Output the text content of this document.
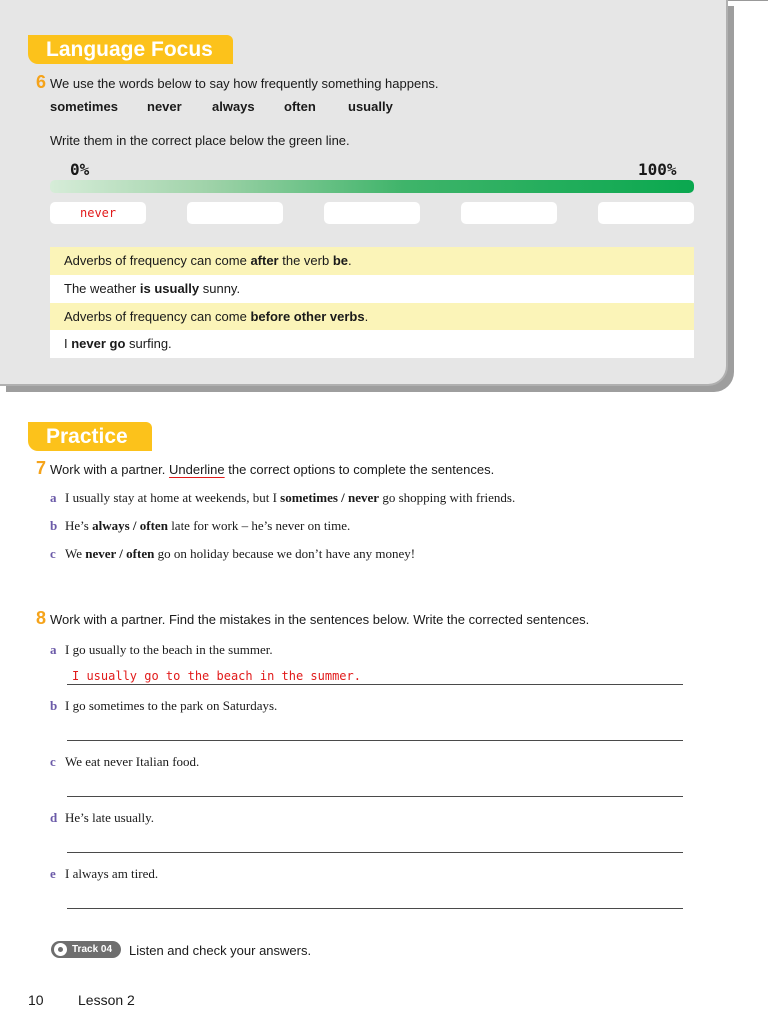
Language Focus
6 We use the words below to say how frequently something happens.
sometimes never always often usually
Write them in the correct place below the green line.
0%	100%
never
Adverbs of frequency can come after the verb be.
The weather is usually sunny.
Adverbs of frequency can come before other verbs.
I never go surfing.
Practice
7 Work with a partner. Underline the correct options to complete the sentences.
a I usually stay at home at weekends, but I sometimes / never go shopping with friends.
b He’s always / often late for work – he’s never on time.
c We never / often go on holiday because we don’t have any money!
8 Work with a partner. Find the mistakes in the sentences below. Write the corrected sentences.
a I go usually to the beach in the summer.
I usually go to the beach in the summer.
b I go sometimes to the park on Saturdays.
c We eat never Italian food.
d He’s late usually.
e I always am tired.
Track 04	Listen and check your answers.
10 Lesson 2
